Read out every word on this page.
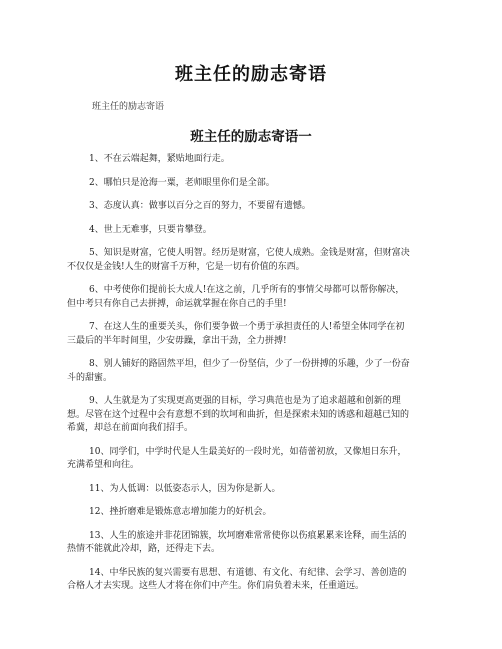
班主任的励志寄语
班主任的励志寄语
班主任的励志寄语一
1、不在云端起舞，紧贴地面行走。
2、哪怕只是沧海一粟，老师眼里你们是全部。
3、态度认真：做事以百分之百的努力，不要留有遗憾。
4、世上无难事，只要肯攀登。
5、知识是财富，它使人明智。经历是财富，它使人成熟。金钱是财富，但财富决不仅仅是金钱!人生的财富千万种，它是一切有价值的东西。
6、中考使你们提前长大成人!在这之前，几乎所有的事情父母都可以帮你解决，但中考只有你自己去拼搏，命运就掌握在你自己的手里!
7、在这人生的重要关头，你们要争做一个勇于承担责任的人!希望全体同学在初三最后的半年时间里，少安毋躁，拿出干劲，全力拼搏!
8、别人铺好的路固然平坦，但少了一份坚信，少了一份拼搏的乐趣，少了一份奋斗的甜蜜。
9、人生就是为了实现更高更强的目标，学习典范也是为了追求超越和创新的理想。尽管在这个过程中会有意想不到的坎坷和曲折，但是探索未知的诱惑和超越已知的希冀，却总在前面向我们招手。
10、同学们，中学时代是人生最美好的一段时光，如蓓蕾初放，又像旭日东升，充满希望和向往。
11、为人低调：以低姿态示人，因为你是新人。
12、挫折磨难是锻炼意志增加能力的好机会。
13、人生的旅途并非花团锦簇，坎坷磨难常常使你以伤痕累累来诠释，而生活的热情不能就此冷却，路，还得走下去。
14、中华民族的复兴需要有思想、有道德、有文化、有纪律、会学习、善创造的合格人才去实现。这些人才将在你们中产生。你们肩负着未来，任重道远。
